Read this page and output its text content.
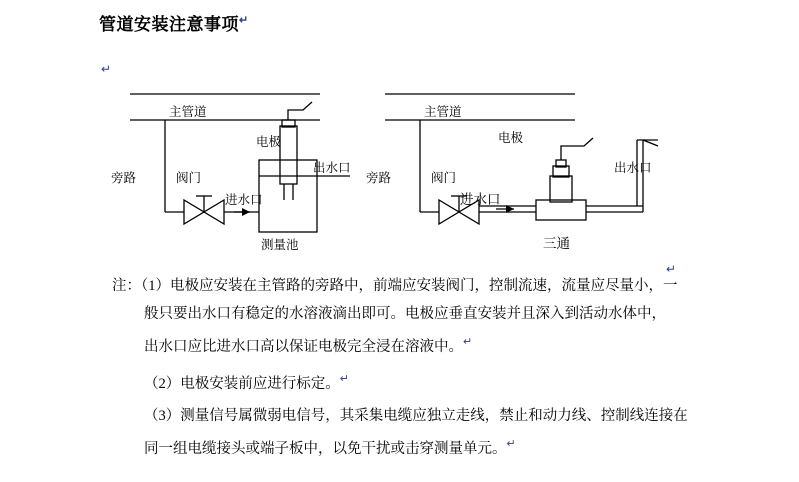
管道安装注意事项↵
↵
↵
主管道
旁路	阀门
电极
进水口
出水口
测量池
主管道
旁路	阀门
电极
进水口
出水口
三通
注：（1）电极应安装在主管路的旁路中，前端应安装阀门，控制流速，流量应尽量小，一
般只要出水口有稳定的水溶液滴出即可。电极应垂直安装并且深入到活动水体中，
出水口应比进水口高以保证电极完全浸在溶液中。↵
（2）电极安装前应进行标定。↵
（3）测量信号属微弱电信号，其采集电缆应独立走线，禁止和动力线、控制线连接在
同一组电缆接头或端子板中，以免干扰或击穿测量单元。↵
